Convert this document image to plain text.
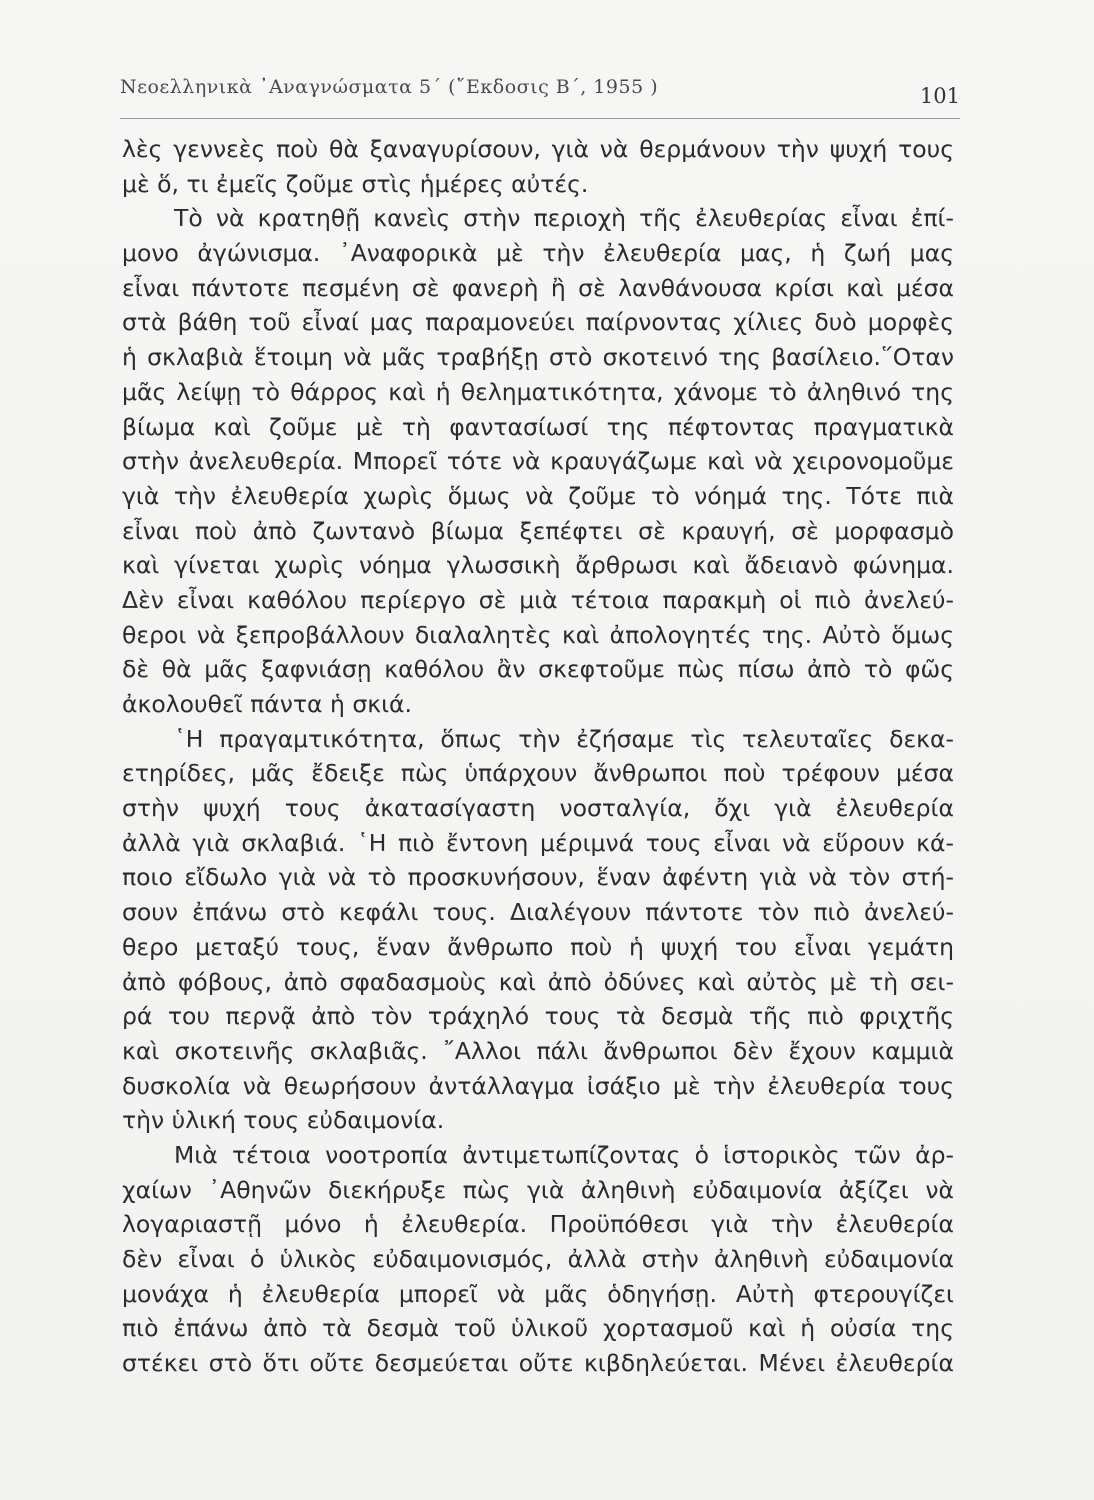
Νεοελληνικὰ ᾿Αναγνώσματα 5΄ (῎Εκδοσις Β΄, 1955 )	101
λὲς γεννεὲς ποὺ θὰ ξαναγυρίσουν, γιὰ νὰ θερμάνουν τὴν ψυχή τους
μὲ ὅ, τι ἐμεῖς ζοῦμε στὶς ἡμέρες αὐτές.
Τὸ νὰ κρατηθῇ κανεὶς στὴν περιοχὴ τῆς ἐλευθερίας εἶναι ἐπί-
μονο ἀγώνισμα. ᾿Αναφορικὰ μὲ τὴν ἐλευθερία μας, ἡ ζωή μας
εἶναι πάντοτε πεσμένη σὲ φανερὴ ἢ σὲ λανθάνουσα κρίσι καὶ μέσα
στὰ βάθη τοῦ εἶναί μας παραμονεύει παίρνοντας χίλιες δυὸ μορφὲς
ἡ σκλαβιὰ ἕτοιμη νὰ μᾶς τραβήξῃ στὸ σκοτεινό της βασίλειο.῞Οταν
μᾶς λείψῃ τὸ θάρρος καὶ ἡ θεληματικότητα, χάνομε τὸ ἀληθινό της
βίωμα καὶ ζοῦμε μὲ τὴ φαντασίωσί της πέφτοντας πραγματικὰ
στὴν ἀνελευθερία. Μπορεῖ τότε νὰ κραυγάζωμε καὶ νὰ χειρονομοῦμε
γιὰ τὴν ἐλευθερία χωρὶς ὅμως νὰ ζοῦμε τὸ νόημά της. Τότε πιὰ
εἶναι ποὺ ἀπὸ ζωντανὸ βίωμα ξεπέφτει σὲ κραυγή, σὲ μορφασμὸ
καὶ γίνεται χωρὶς νόημα γλωσσικὴ ἄρθρωσι καὶ ἄδειανὸ φώνημα.
Δὲν εἶναι καθόλου περίεργο σὲ μιὰ τέτοια παρακμὴ οἱ πιὸ ἀνελεύ-
θεροι νὰ ξεπροβάλλουν διαλαλητὲς καὶ ἀπολογητές της. Αὐτὸ ὅμως
δὲ θὰ μᾶς ξαφνιάσῃ καθόλου ἂν σκεφτοῦμε πὼς πίσω ἀπὸ τὸ φῶς
ἀκολουθεῖ πάντα ἡ σκιά.
῾Η πραγαμτικότητα, ὅπως τὴν ἐζήσαμε τὶς τελευταῖες δεκα-
ετηρίδες, μᾶς ἔδειξε πὼς ὑπάρχουν ἄνθρωποι ποὺ τρέφουν μέσα
στὴν ψυχή τους ἀκατασίγαστη νοσταλγία, ὄχι γιὰ ἐλευθερία
ἀλλὰ γιὰ σκλαβιά. ῾Η πιὸ ἔντονη μέριμνά τους εἶναι νὰ εὕρουν κά-
ποιο εἴδωλο γιὰ νὰ τὸ προσκυνήσουν, ἕναν ἀφέντη γιὰ νὰ τὸν στή-
σουν ἐπάνω στὸ κεφάλι τους. Διαλέγουν πάντοτε τὸν πιὸ ἀνελεύ-
θερο μεταξύ τους, ἕναν ἄνθρωπο ποὺ ἡ ψυχή του εἶναι γεμάτη
ἀπὸ φόβους, ἀπὸ σφαδασμοὺς καὶ ἀπὸ ὀδύνες καὶ αὐτὸς μὲ τὴ σει-
ρά του περνᾷ ἀπὸ τὸν τράχηλό τους τὰ δεσμὰ τῆς πιὸ φριχτῆς
καὶ σκοτεινῆς σκλαβιᾶς. ῎Αλλοι πάλι ἄνθρωποι δὲν ἔχουν καμμιὰ
δυσκολία νὰ θεωρήσουν ἀντάλλαγμα ἰσάξιο μὲ τὴν ἐλευθερία τους
τὴν ὑλική τους εὐδαιμονία.
Μιὰ τέτοια νοοτροπία ἀντιμετωπίζοντας ὁ ἱστορικὸς τῶν ἀρ-
χαίων ᾿Αθηνῶν διεκήρυξε πὼς γιὰ ἀληθινὴ εὐδαιμονία ἀξίζει νὰ
λογαριαστῇ μόνο ἡ ἐλευθερία. Προϋπόθεσι γιὰ τὴν ἐλευθερία
δὲν εἶναι ὁ ὑλικὸς εὐδαιμονισμός, ἀλλὰ στὴν ἀληθινὴ εὐδαιμονία
μονάχα ἡ ἐλευθερία μπορεῖ νὰ μᾶς ὁδηγήσῃ. Αὐτὴ φτερουγίζει
πιὸ ἐπάνω ἀπὸ τὰ δεσμὰ τοῦ ὑλικοῦ χορτασμοῦ καὶ ἡ οὐσία της
στέκει στὸ ὅτι οὔτε δεσμεύεται οὔτε κιβδηλεύεται. Μένει ἐλευθερία
